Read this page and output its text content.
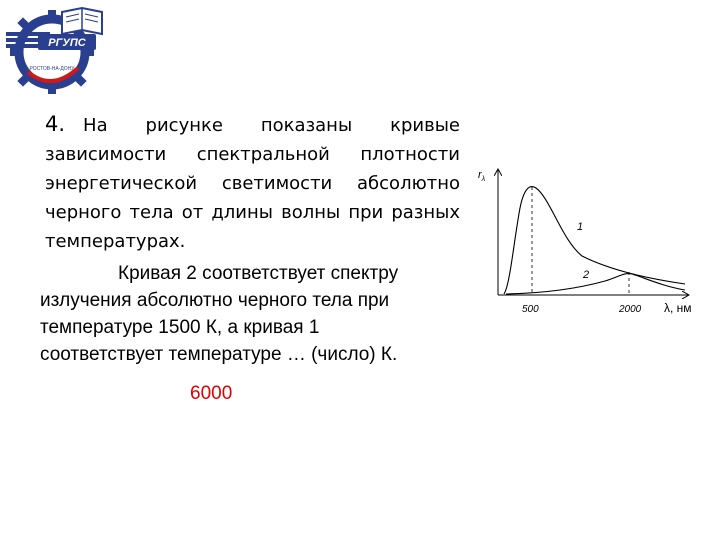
РГУПС
РОСТОВ-НА-ДОНУ
4. На рисунке показаны кривые зависимости спектральной плотности энергетической светимости абсолютно черного тела от длины волны при разных температурах.
Кривая 2 соответствует спектру
излучения абсолютно черного тела при
температуре 1500 К, а кривая 1
соответствует температуре … (число) К.
6000
$r_\lambda$
1
2
500	2000 λ, нм
